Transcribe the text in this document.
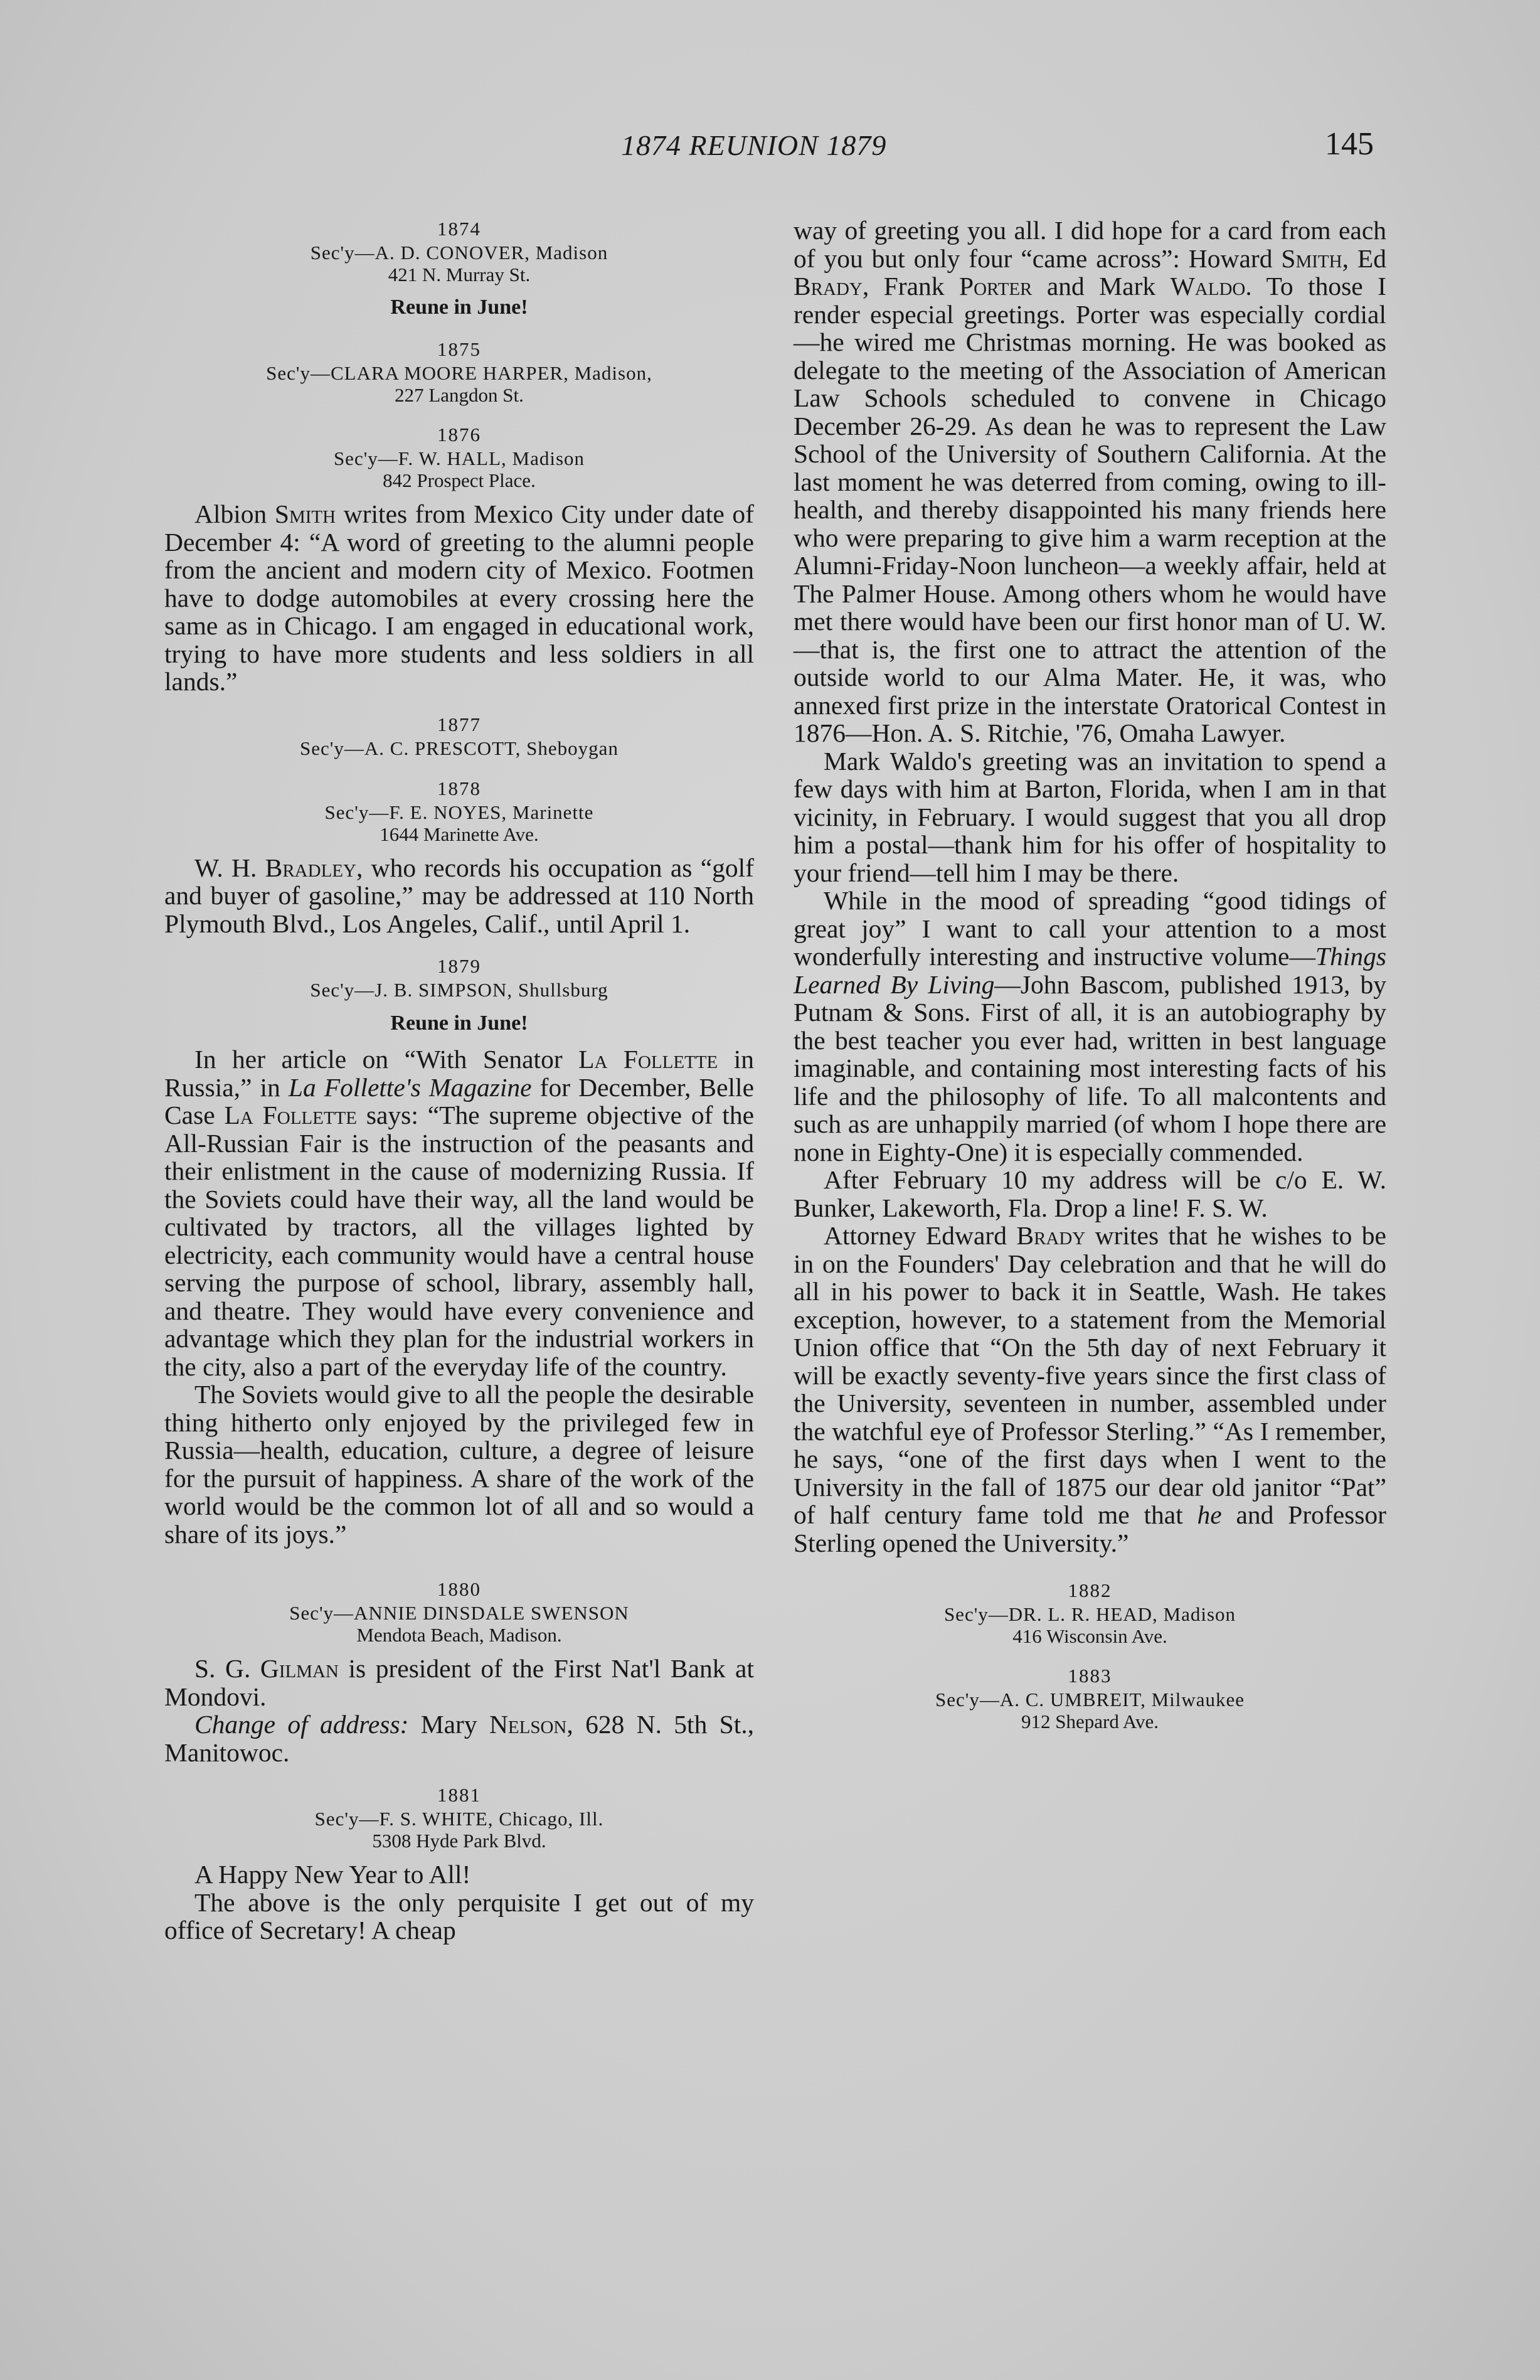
1874 REUNION 1879	145
1874
Sec'y—A. D. CONOVER, Madison
421 N. Murray St.
Reune in June!
1875
Sec'y—CLARA MOORE HARPER, Madison,
227 Langdon St.
1876
Sec'y—F. W. HALL, Madison
842 Prospect Place.

Albion Smith writes from Mexico City under date of December 4: “A word of greeting to the alumni people from the ancient and modern city of Mexico. Footmen have to dodge automobiles at every crossing here the same as in Chicago. I am engaged in educational work, trying to have more students and less soldiers in all lands.”

1877
Sec'y—A. C. PRESCOTT, Sheboygan
1878
Sec'y—F. E. NOYES, Marinette
1644 Marinette Ave.

W. H. Bradley, who records his occupation as “golf and buyer of gasoline,” may be addressed at 110 North Plymouth Blvd., Los Angeles, Calif., until April 1.

1879
Sec'y—J. B. SIMPSON, Shullsburg
Reune in June!

In her article on “With Senator La Follette in Russia,” in La Follette's Magazine for December, Belle Case La Follette says: “The supreme objective of the All-Russian Fair is the instruction of the peasants and their enlistment in the cause of modernizing Russia. If the Soviets could have their way, all the land would be cultivated by tractors, all the villages lighted by electricity, each community would have a central house serving the purpose of school, library, assembly hall, and theatre. They would have every convenience and advantage which they plan for the industrial workers in the city, also a part of the everyday life of the country.

The Soviets would give to all the people the desirable thing hitherto only enjoyed by the privileged few in Russia—health, education, culture, a degree of leisure for the pursuit of happiness. A share of the work of the world would be the common lot of all and so would a share of its joys.”

1880
Sec'y—ANNIE DINSDALE SWENSON
Mendota Beach, Madison.

S. G. Gilman is president of the First Nat'l Bank at Mondovi.

Change of address: Mary Nelson, 628 N. 5th St., Manitowoc.

1881
Sec'y—F. S. WHITE, Chicago, Ill.
5308 Hyde Park Blvd.

A Happy New Year to All!

The above is the only perquisite I get out of my office of Secretary! A cheap

way of greeting you all. I did hope for a card from each of you but only four “came across”: Howard Smith, Ed Brady, Frank Porter and Mark Waldo. To those I render especial greetings. Porter was especially cordial—he wired me Christmas morning. He was booked as delegate to the meeting of the Association of American Law Schools scheduled to convene in Chicago December 26-29. As dean he was to represent the Law School of the University of Southern California. At the last moment he was deterred from coming, owing to ill-health, and thereby disappointed his many friends here who were preparing to give him a warm reception at the Alumni-Friday-Noon luncheon—a weekly affair, held at The Palmer House. Among others whom he would have met there would have been our first honor man of U. W.—that is, the first one to attract the attention of the outside world to our Alma Mater. He, it was, who annexed first prize in the interstate Oratorical Contest in 1876—Hon. A. S. Ritchie, '76, Omaha Lawyer.

Mark Waldo's greeting was an invitation to spend a few days with him at Barton, Florida, when I am in that vicinity, in February. I would suggest that you all drop him a postal—thank him for his offer of hospitality to your friend—tell him I may be there.

While in the mood of spreading “good tidings of great joy” I want to call your attention to a most wonderfully interesting and instructive volume—Things Learned By Living—John Bascom, published 1913, by Putnam & Sons. First of all, it is an autobiography by the best teacher you ever had, written in best language imaginable, and containing most interesting facts of his life and the philosophy of life. To all malcontents and such as are unhappily married (of whom I hope there are none in Eighty-One) it is especially commended.

After February 10 my address will be c/o E. W. Bunker, Lakeworth, Fla. Drop a line! F. S. W.

Attorney Edward Brady writes that he wishes to be in on the Founders' Day celebration and that he will do all in his power to back it in Seattle, Wash. He takes exception, however, to a statement from the Memorial Union office that “On the 5th day of next February it will be exactly seventy-five years since the first class of the University, seventeen in number, assembled under the watchful eye of Professor Sterling.” “As I remember, he says, “one of the first days when I went to the University in the fall of 1875 our dear old janitor “Pat” of half century fame told me that he and Professor Sterling opened the University.”

1882
Sec'y—DR. L. R. HEAD, Madison
416 Wisconsin Ave.
1883
Sec'y—A. C. UMBREIT, Milwaukee
912 Shepard Ave.
